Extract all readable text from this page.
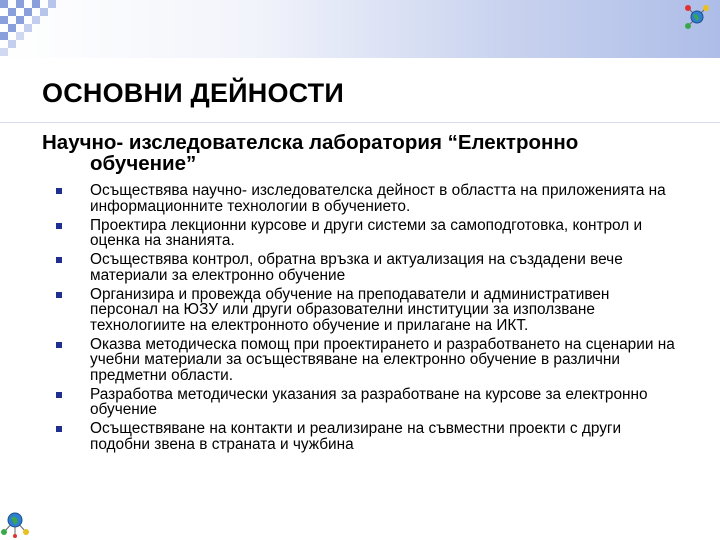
ОСНОВНИ ДЕЙНОСТИ
Научно- изследователска лаборатория “Електронно
обучение”
Осъществява научно- изследователска дейност в областта на приложенията на информационните технологии в обучението.
Проектира лекционни курсове и други системи за самоподготовка, контрол и оценка на знанията.
Осъществява контрол, обратна връзка и актуализация на създадени вече материали за електронно обучение
Организира и провежда обучение на преподаватели и административен персонал на ЮЗУ или други образователни институции за използване технологиите на електронното обучение и прилагане на ИКТ.
Оказва методическа помощ при проектирането и разработването на сценарии на учебни материали за осъществяване на електронно обучение в различни предметни области.
Разработва методически указания за разработване на курсове за електронно обучение
Осъществяване на контакти и реализиране на съвместни проекти с други подобни звена в страната и чужбина
